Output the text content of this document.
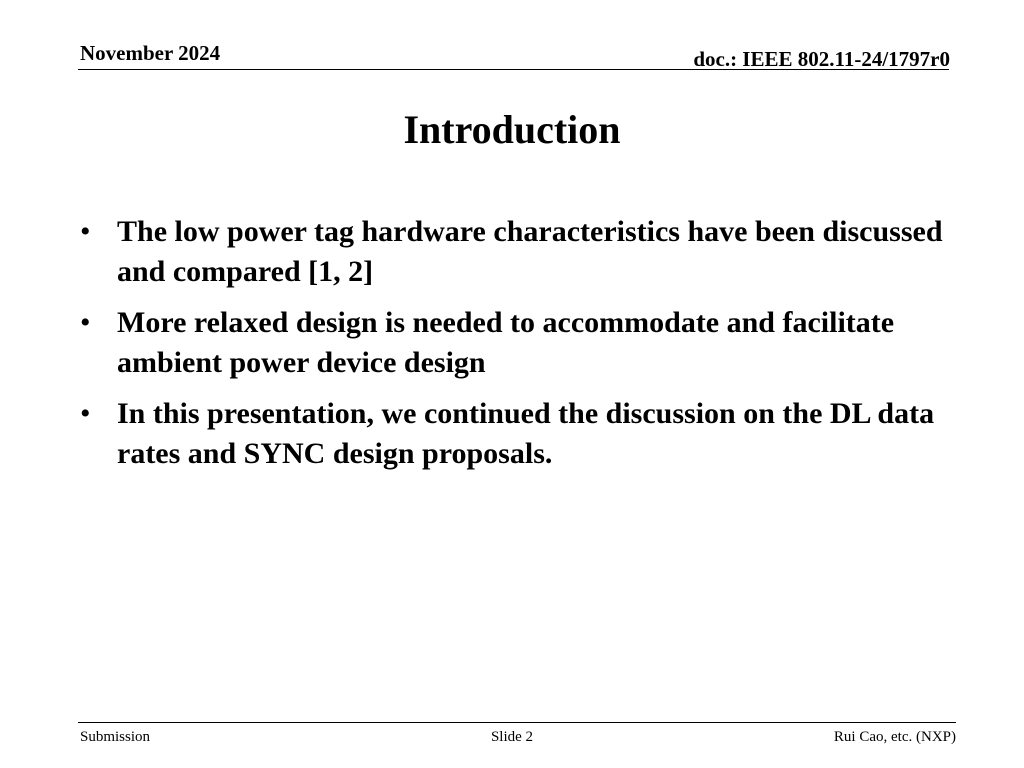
November 2024	doc.: IEEE 802.11-24/1797r0
Introduction
• The low power tag hardware characteristics have been discussed and compared [1, 2]
• More relaxed design is needed to accommodate and facilitate ambient power device design
• In this presentation, we continued the discussion on the DL data rates and SYNC design proposals.
Submission	Slide 2	Rui Cao, etc. (NXP)
